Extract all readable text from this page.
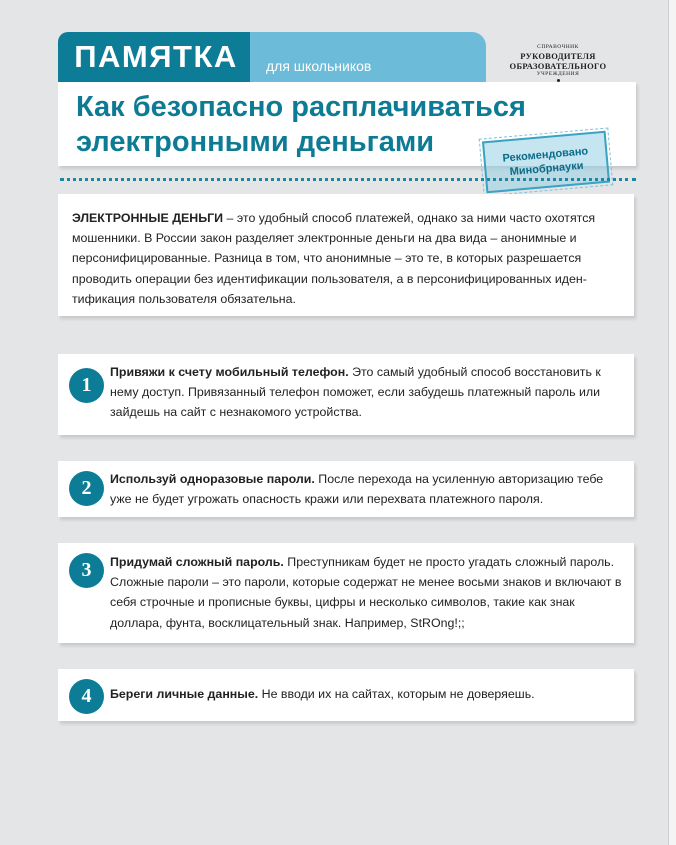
ПАМЯТКА для школьников
СПРАВОЧНИК
РУКОВОДИТЕЛЯ
ОБРАЗОВАТЕЛЬНОГО
УЧРЕЖДЕНИЯ
Как безопасно расплачиваться
электронными деньгами	Рекомендовано
Минобрнауки
ЭЛЕКТРОННЫЕ ДЕНЬГИ – это удобный способ платежей, однако за ними часто охотятся мошенники. В России закон разделяет электронные деньги на два вида – анонимные и персонифицированные. Разница в том, что анонимные – это те, в которых разрешается проводить операции без идентификации пользователя, а в персонифицированных идентификация пользователя обязательна.
1
Привяжи к счету мобильный телефон. Это самый удобный способ восстановить к нему доступ. Привязанный телефон поможет, если забудешь платежный пароль или зайдешь на сайт с незнакомого устройства.
2 Используй одноразовые пароли. После перехода на усиленную авторизацию тебе уже не будет угрожать опасность кражи или перехвата платежного пароля.
3 Придумай сложный пароль. Преступникам будет не просто угадать сложный пароль. Сложные пароли – это пароли, которые содержат не менее восьми знаков и включают в себя строчные и прописные буквы, цифры и несколько символов, такие как знак доллара, фунта, восклицательный знак. Например, StROng!;;
4 Береги личные данные. Не вводи их на сайтах, которым не доверяешь.
